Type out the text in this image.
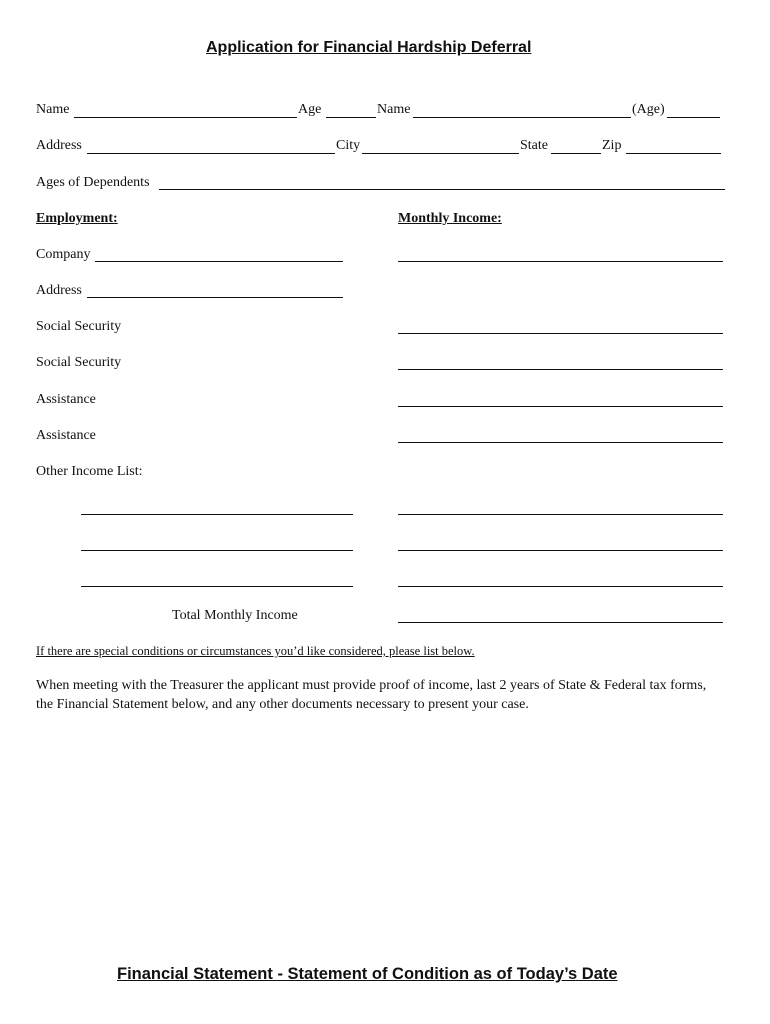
Application for Financial Hardship Deferral
Name	Age	Name	(Age)
Address	City	State	Zip
Ages of Dependents
Employment:	Monthly Income:
Company
Address
Social Security
Social Security
Assistance
Assistance
Other Income List:
Total Monthly Income
If there are special conditions or circumstances you’d like considered, please list below.
When meeting with the Treasurer the applicant must provide proof of income, last 2 years of State & Federal tax forms, the Financial Statement below, and any other documents necessary to present your case.
Financial Statement - Statement of Condition as of Today’s Date
